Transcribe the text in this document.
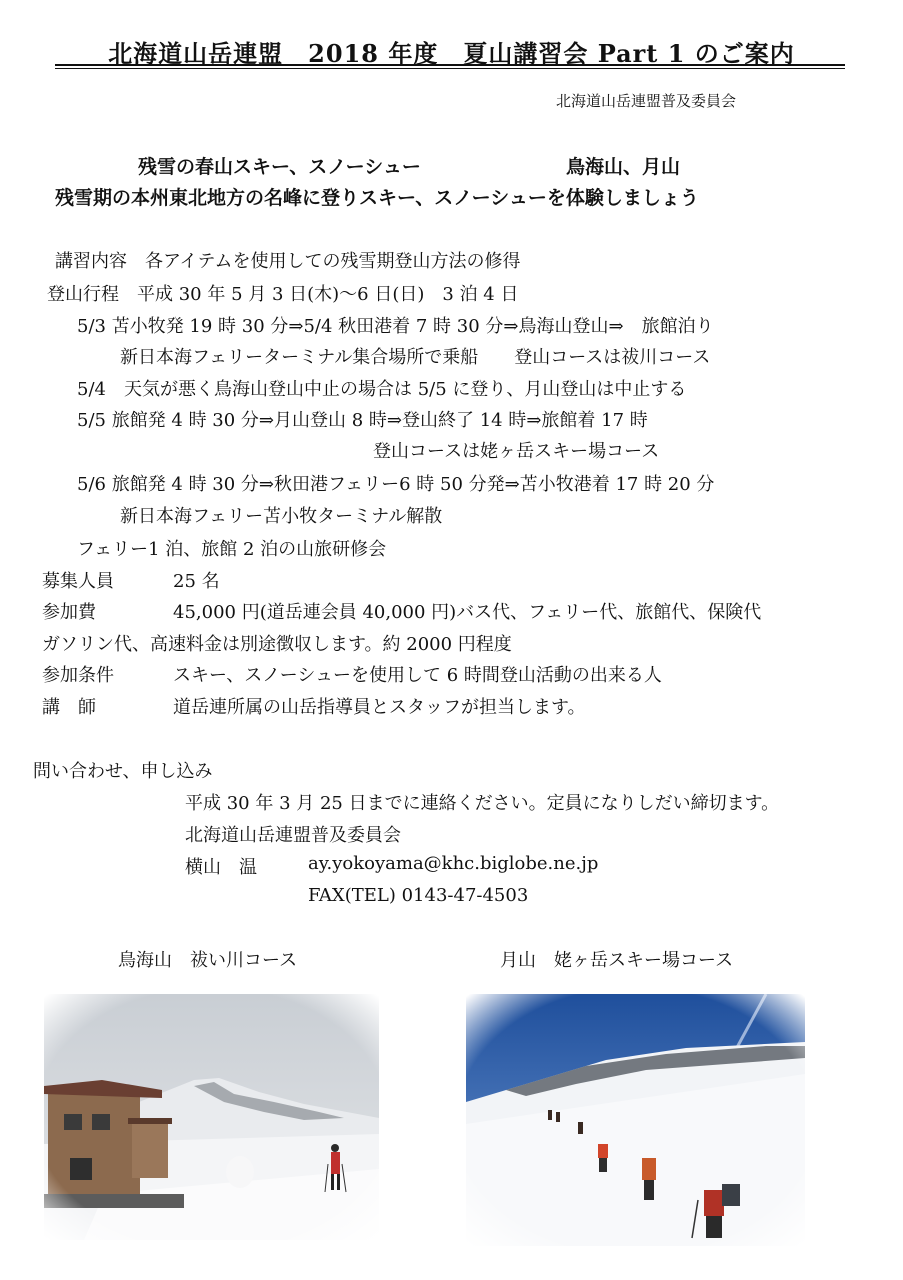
北海道山岳連盟　2018 年度　夏山講習会 Part 1 のご案内
北海道山岳連盟普及委員会
残雪の春山スキー、スノーシュー	鳥海山、月山
残雪期の本州東北地方の名峰に登りスキー、スノーシューを体験しましょう
講習内容　各アイテムを使用しての残雪期登山方法の修得
登山行程　平成 30 年 5 月 3 日(木)〜6 日(日)　3 泊 4 日
5/3 苫小牧発 19 時 30 分⇒5/4 秋田港着 7 時 30 分⇒鳥海山登山⇒　旅館泊り
新日本海フェリーターミナル集合場所で乗船　　登山コースは祓川コース
5/4　天気が悪く鳥海山登山中止の場合は 5/5 に登り、月山登山は中止する
5/5 旅館発 4 時 30 分⇒月山登山 8 時⇒登山終了 14 時⇒旅館着 17 時
登山コースは姥ヶ岳スキー場コース
5/6 旅館発 4 時 30 分⇒秋田港フェリー6 時 50 分発⇒苫小牧港着 17 時 20 分
新日本海フェリー苫小牧ターミナル解散
フェリー1 泊、旅館 2 泊の山旅研修会
募集人員	25 名
参加費	45,000 円(道岳連会員 40,000 円)バス代、フェリー代、旅館代、保険代
ガソリン代、高速料金は別途徴収します。約 2000 円程度
参加条件	スキー、スノーシューを使用して 6 時間登山活動の出来る人
講　師	道岳連所属の山岳指導員とスタッフが担当します。
問い合わせ、申し込み
平成 30 年 3 月 25 日までに連絡ください。定員になりしだい締切ます。
北海道山岳連盟普及委員会
横山　温	ay.yokoyama@khc.biglobe.ne.jp
FAX(TEL) 0143-47-4503
鳥海山　祓い川コース	月山　姥ヶ岳スキー場コース
